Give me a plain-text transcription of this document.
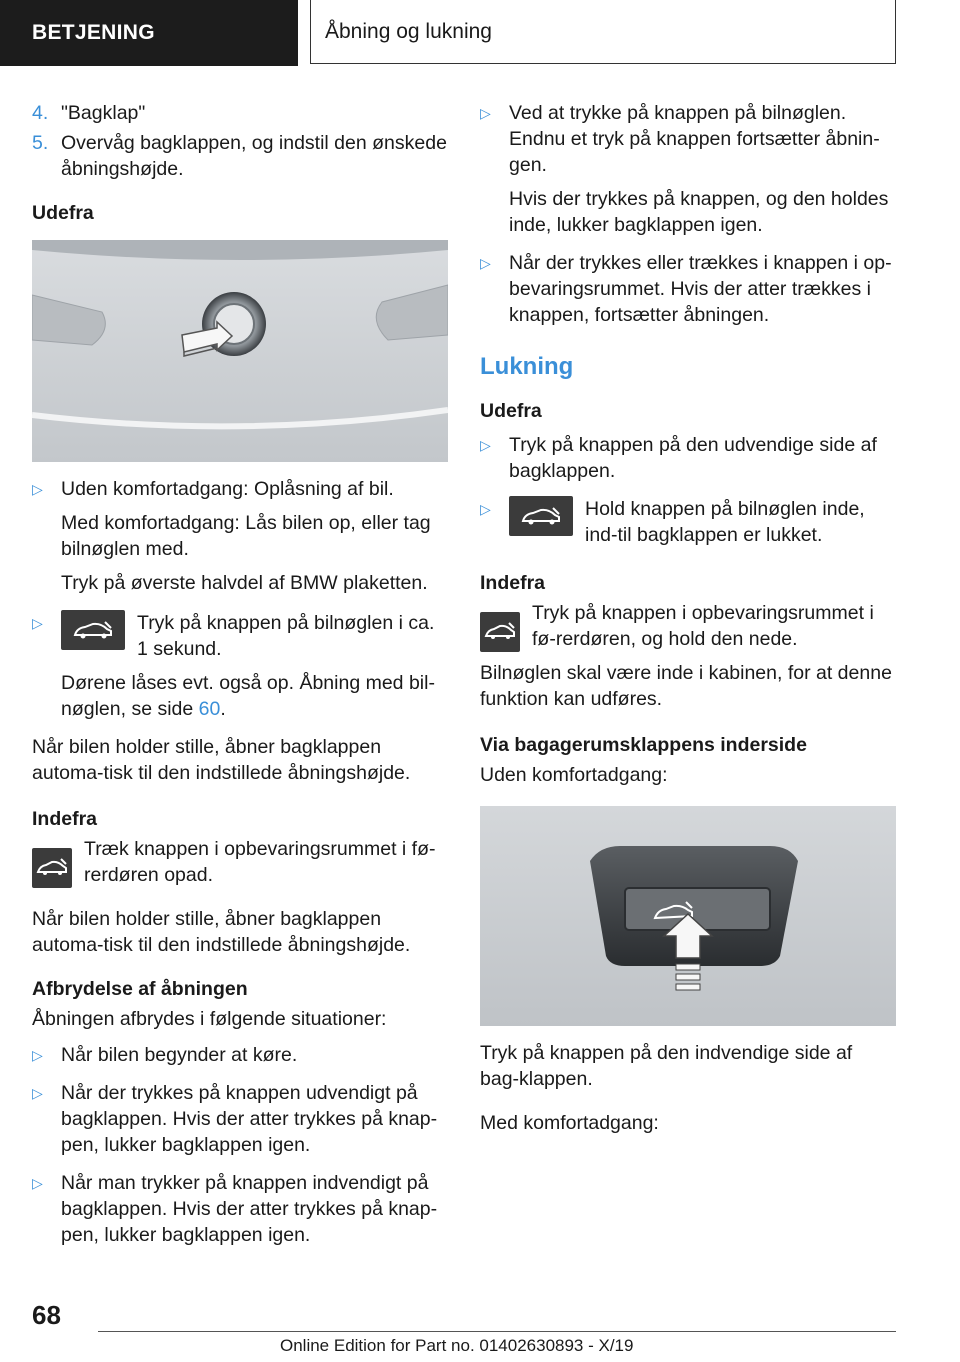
BETJENING	Åbning og lukning
4. "Bagklap"
5. Overvåg bagklappen, og indstil den ønskede åbningshøjde.

Udefra

▷ Uden komfortadgang: Oplåsning af bil.

Med komfortadgang: Lås bilen op, eller tag bilnøglen med.

Tryk på øverste halvdel af BMW plaketten.

▷	Tryk på knappen på bilnøglen i ca. 1 sekund.

Dørene låses evt. også op. Åbning med bil-nøglen, se side 60.

Når bilen holder stille, åbner bagklappen automa-tisk til den indstillede åbningshøjde.

Indefra

Træk knappen i opbevaringsrummet i fø-rerdøren opad.

Når bilen holder stille, åbner bagklappen automa-tisk til den indstillede åbningshøjde.

Afbrydelse af åbningen

Åbningen afbrydes i følgende situationer:

▷ Når bilen begynder at køre.
▷ Når der trykkes på knappen udvendigt på bagklappen. Hvis der atter trykkes på knap-pen, lukker bagklappen igen.
▷ Når man trykker på knappen indvendigt på bagklappen. Hvis der atter trykkes på knap-pen, lukker bagklappen igen.
▷ Ved at trykke på knappen på bilnøglen. Endnu et tryk på knappen fortsætter åbnin-gen.

Hvis der trykkes på knappen, og den holdes inde, lukker bagklappen igen.

▷ Når der trykkes eller trækkes i knappen i op-bevaringsrummet. Hvis der atter trækkes i knappen, fortsætter åbningen.
Lukning

Udefra

▷ Tryk på knappen på den udvendige side af bagklappen.
▷	Hold knappen på bilnøglen inde, ind-til bagklappen er lukket.

Indefra

Tryk på knappen i opbevaringsrummet i fø-rerdøren, og hold den nede.

Bilnøglen skal være inde i kabinen, for at denne funktion kan udføres.

Via bagagerumsklappens inderside

Uden komfortadgang:

Tryk på knappen på den indvendige side af bag-klappen.

Med komfortadgang:

68
Online Edition for Part no. 01402630893 - X/19
